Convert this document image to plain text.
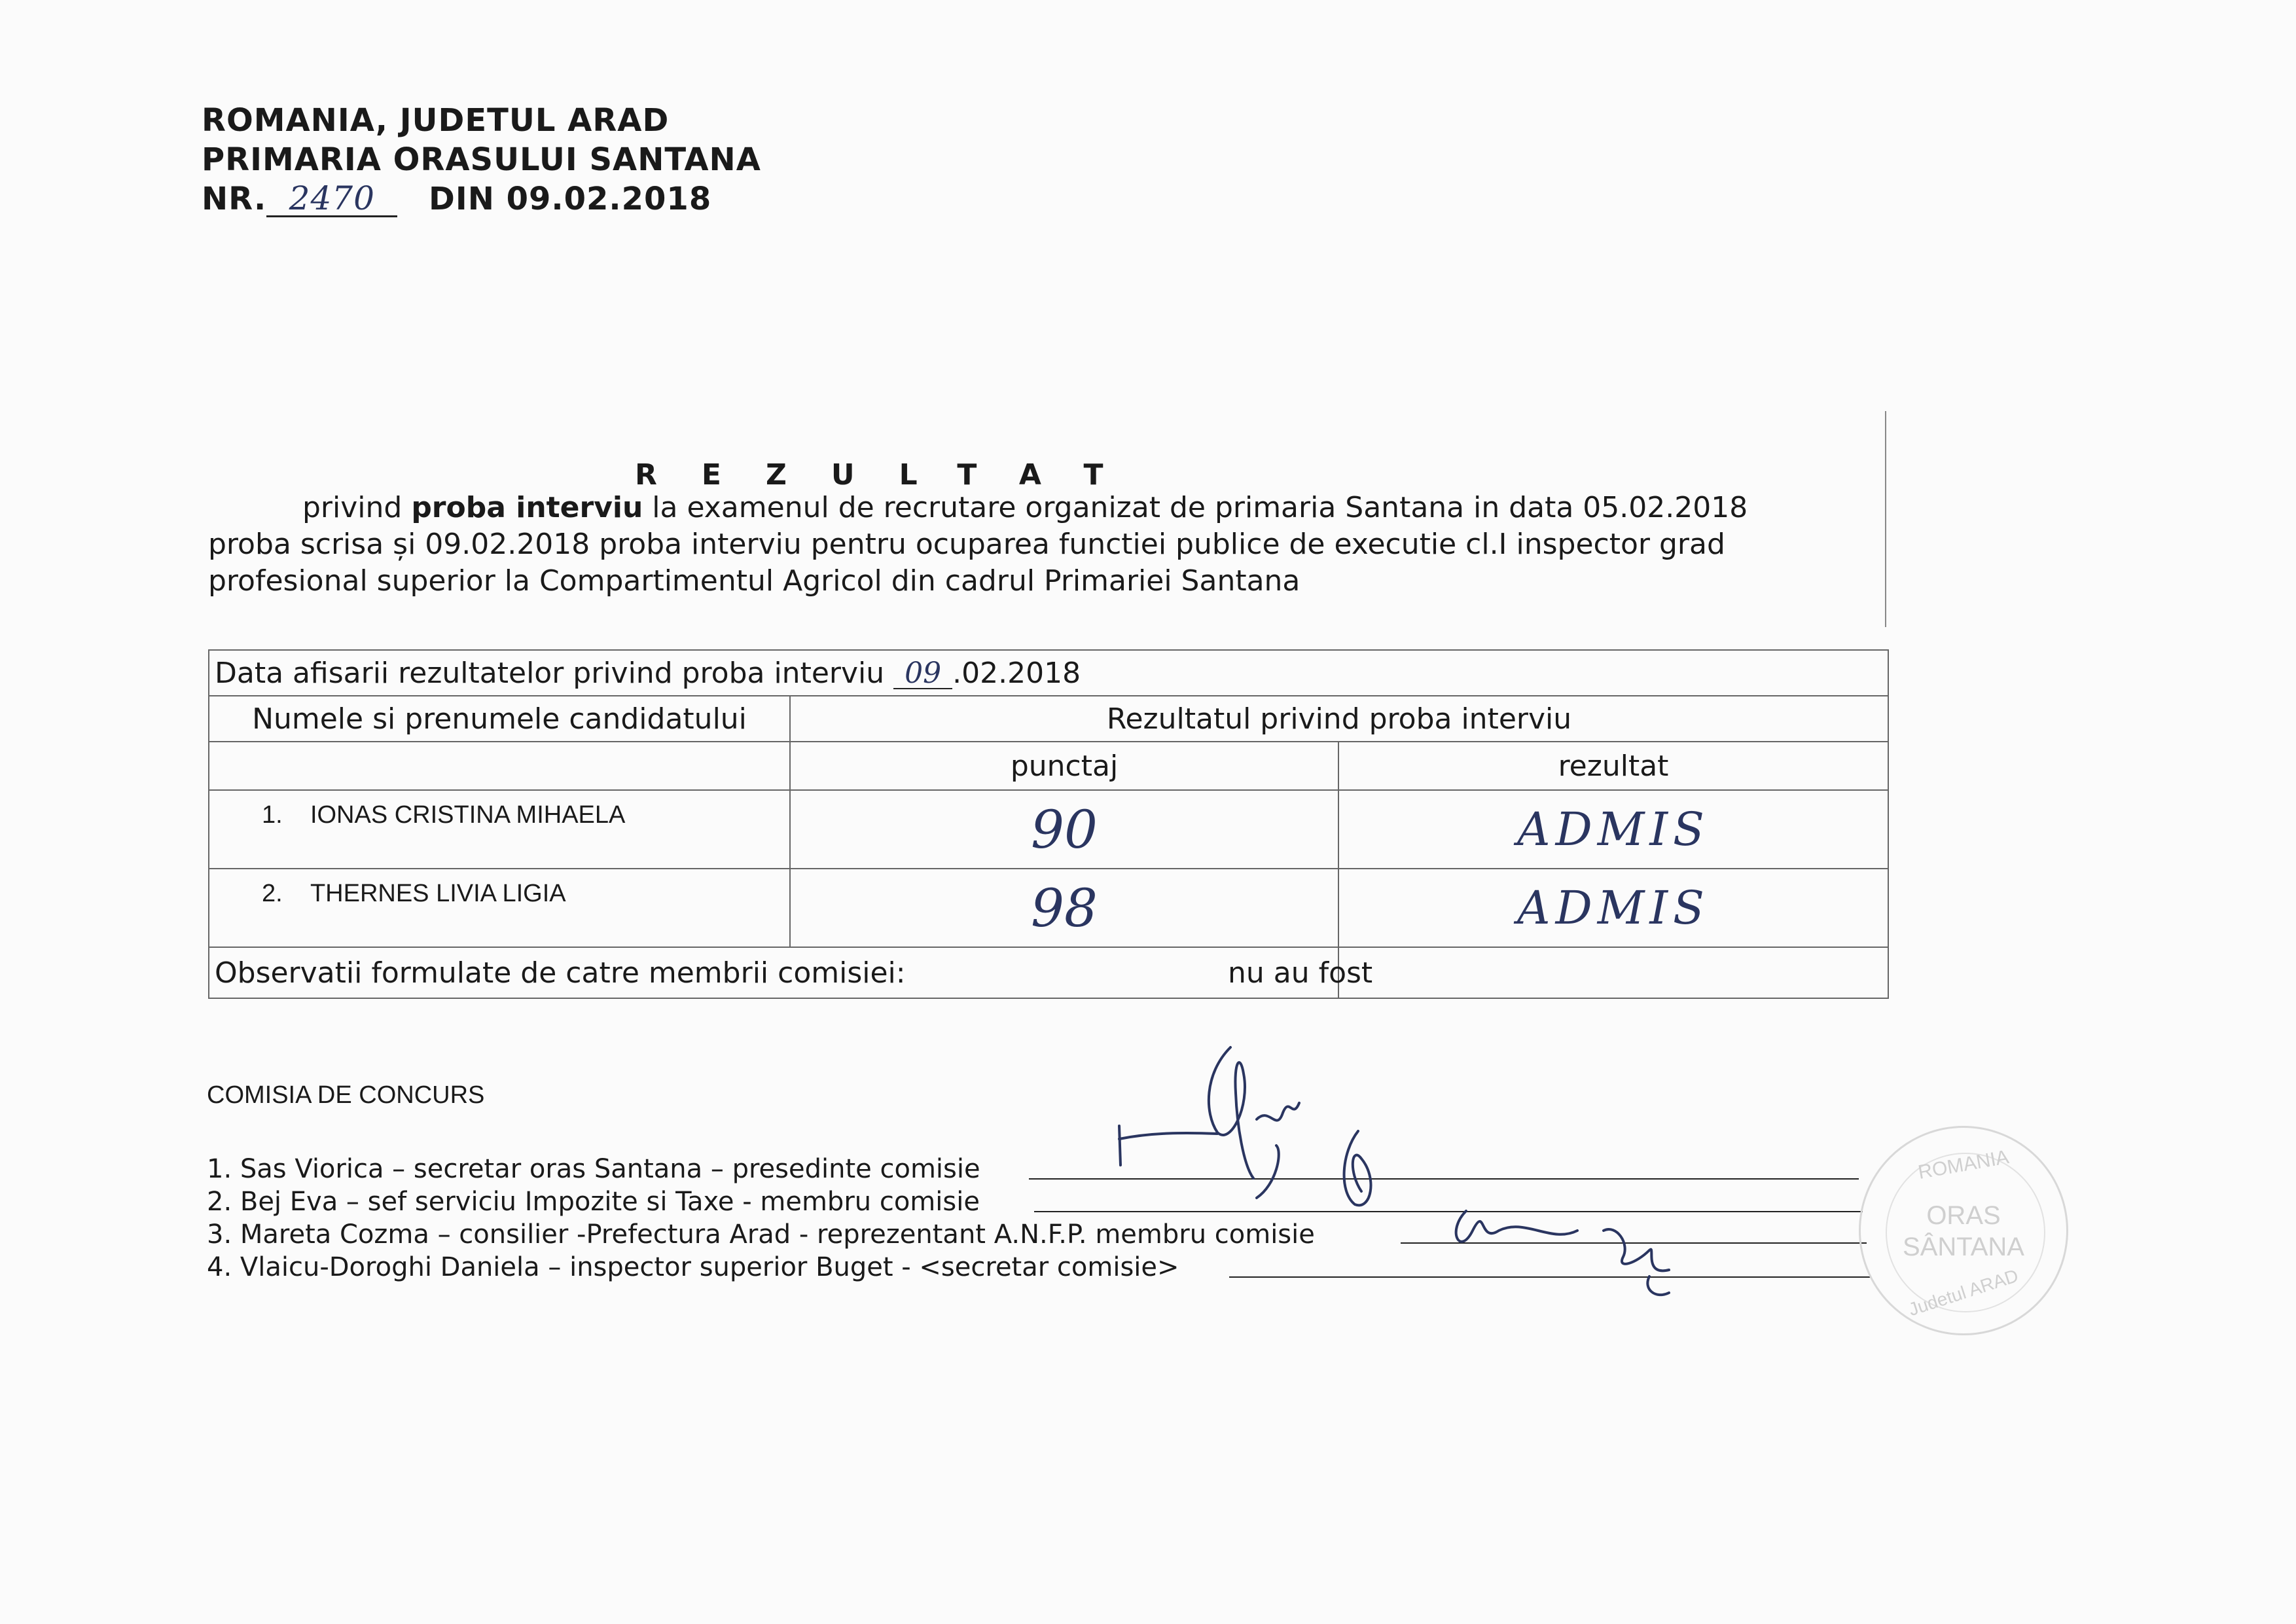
ROMANIA, JUDETUL ARAD
PRIMARIA ORASULUI SANTANA
NR. 2470 DIN 09.02.2018
REZULTAT
privind proba interviu la examenul de recrutare organizat de primaria Santana in data 05.02.2018
proba scrisa și 09.02.2018 proba interviu pentru ocuparea functiei publice de executie cl.I inspector grad
profesional superior la Compartimentul Agricol din cadrul Primariei Santana
Data afisarii rezultatelor privind proba interviu 09 .02.2018
Numele si prenumele candidatului	Rezultatul privind proba interviu
	punctaj	rezultat
1. IONAS CRISTINA MIHAELA	90	ADMIS
2. THERNES LIVIA LIGIA	98	ADMIS
Observatii formulate de catre membrii comisiei:	nu au fost
COMISIA DE CONCURS
1. Sas Viorica – secretar oras Santana – presedinte comisie
2. Bej Eva – sef serviciu Impozite si Taxe - membru comisie
3. Mareta Cozma – consilier -Prefectura Arad - reprezentant A.N.F.P. membru comisie
4. Vlaicu-Doroghi Daniela – inspector superior Buget - <secretar comisie>
ROMANIA
ORAS
SÂNTANA
Judetul ARAD
